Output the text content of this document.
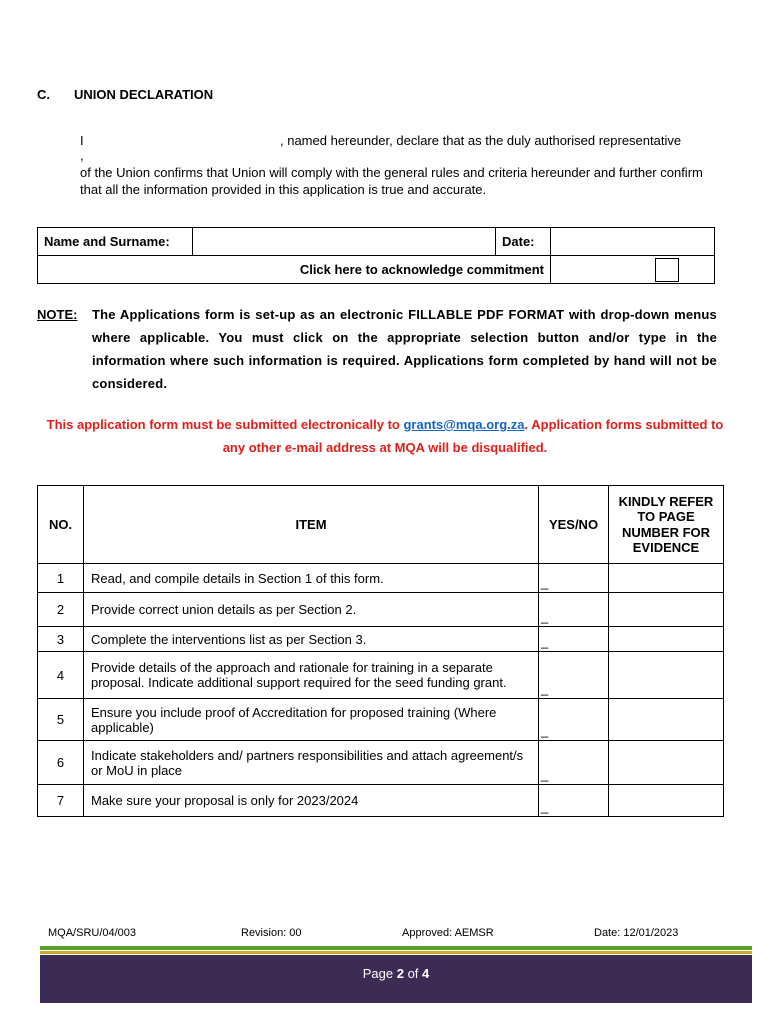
C. UNION DECLARATION
I	, named hereunder, declare that as the duly authorised representative
,
of the Union confirms that Union will comply with the general rules and criteria hereunder and further confirm that all the information provided in this application is true and accurate.
Name and Surname:		Date:	
Click here to acknowledge commitment			
NOTE: The Applications form is set-up as an electronic FILLABLE PDF FORMAT with drop-down menus where applicable. You must click on the appropriate selection button and/or type in the information where such information is required. Applications form completed by hand will not be considered.
This application form must be submitted electronically to grants@mqa.org.za. Application forms submitted to any other e-mail address at MQA will be disqualified.
NO.	ITEM	YES/NO	KINDLY REFER TO PAGE NUMBER FOR EVIDENCE
1	Read, and compile details in Section 1 of this form.	_	
2	Provide correct union details as per Section 2.	_	
3	Complete the interventions list as per Section 3.	_	
4	Provide details of the approach and rationale for training in a separate proposal. Indicate additional support required for the seed funding grant.	_	
5	Ensure you include proof of Accreditation for proposed training (Where applicable)	_	
6	Indicate stakeholders and/ partners responsibilities and attach agreement/s or MoU in place	_	
7	Make sure your proposal is only for 2023/2024	_	
MQA/SRU/04/003	Revision: 00	Approved: AEMSR	Date: 12/01/2023
Page 2 of 4
